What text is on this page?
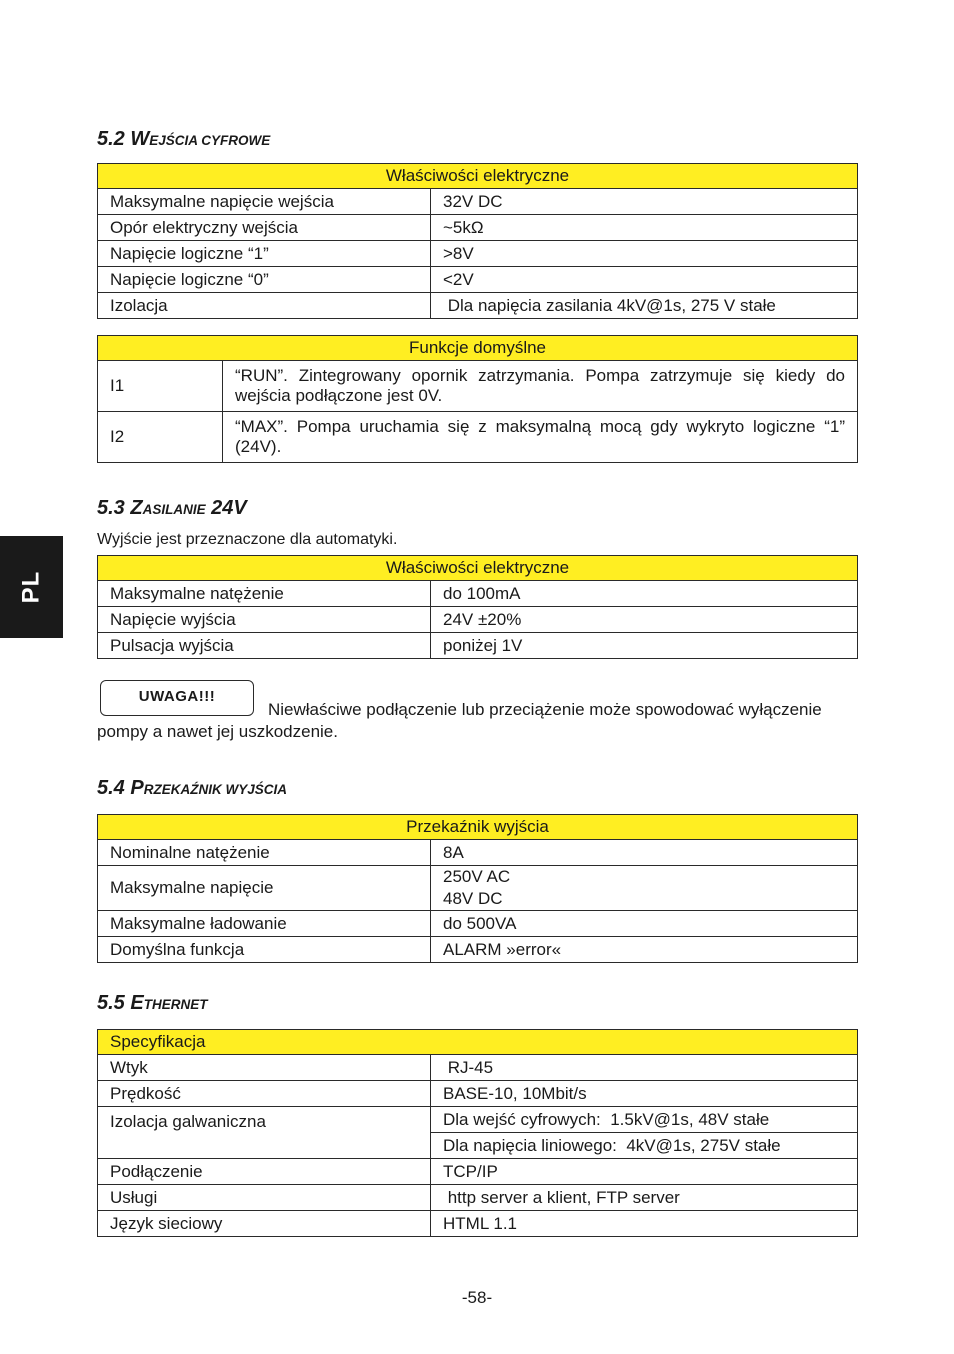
PL
5.2 WEJŚCIA CYFROWE
Właściwości elektryczne	
Maksymalne napięcie wejścia	32V DC
Opór elektryczny wejścia	~5kΩ
Napięcie logiczne “1”	>8V
Napięcie logiczne “0”	<2V
Izolacja	Dla napięcia zasilania 4kV@1s, 275 V stałe
Funkcje domyślne	
I1	“RUN”. Zintegrowany opornik zatrzymania. Pompa zatrzymuje się kiedy do wejścia podłączone jest 0V.
I2	“MAX”. Pompa uruchamia się z maksymalną mocą gdy wykryto logiczne “1” (24V).
5.3 ZASILANIE 24V

Wyjście jest przeznaczone dla automatyki.

Właściwości elektryczne	
Maksymalne natężenie	do 100mA
Napięcie wyjścia	24V ±20%
Pulsacja wyjścia	poniżej 1V
UWAGA!!!

Niewłaściwe podłączenie lub przeciążenie może spowodować wyłączenie

pompy a nawet jej uszkodzenie.

5.4 PRZEKAŹNIK WYJŚCIA
Przekaźnik wyjścia	
Nominalne natężenie	8A
Maksymalne napięcie	250V AC
48V DC

Maksymalne ładowanie	do 500VA
Domyślna funkcja	ALARM »error«
5.5 ETHERNET
Specyfikacja	
Wtyk	RJ-45
Prędkość	BASE-10, 10Mbit/s
Izolacja galwaniczna	Dla wejść cyfrowych:  1.5kV@1s, 48V stałe
	Dla napięcia liniowego:  4kV@1s, 275V stałe
Podłączenie	TCP/IP
Usługi	http server a klient, FTP server
Język sieciowy	HTML 1.1
-58-
